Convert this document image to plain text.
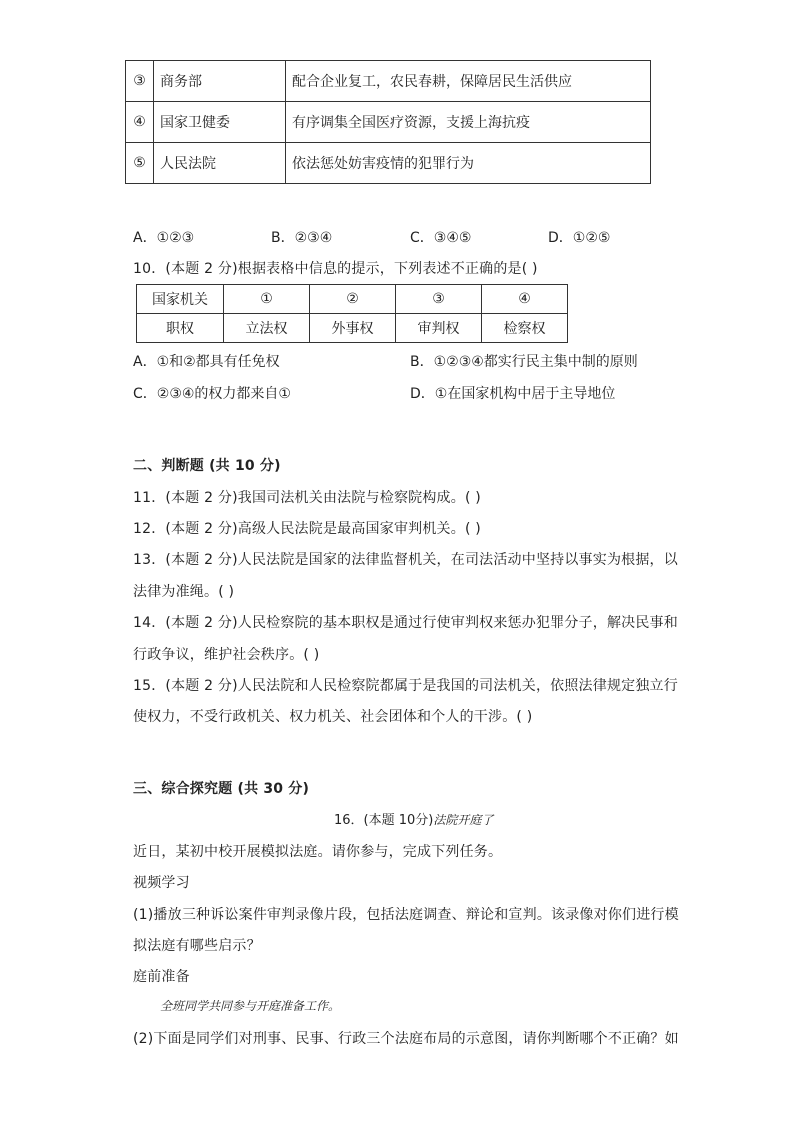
③	商务部	配合企业复工，农民春耕，保障居民生活供应
④	国家卫健委	有序调集全国医疗资源，支援上海抗疫
⑤	人民法院	依法惩处妨害疫情的犯罪行为
A．①②③	B．②③④	C．③④⑤	D．①②⑤
10．(本题 2 分)根据表格中信息的提示，下列表述不正确的是( )
国家机关	①	②	③	④
职权	立法权	外事权	审判权	检察权
A．①和②都具有任免权	B．①②③④都实行民主集中制的原则
C．②③④的权力都来自①	D．①在国家机构中居于主导地位
二、判断题 (共 10 分)
11．(本题 2 分)我国司法机关由法院与检察院构成。( )
12．(本题 2 分)高级人民法院是最高国家审判机关。( )
13．(本题 2 分)人民法院是国家的法律监督机关，在司法活动中坚持以事实为根据，以
法律为准绳。( )
14．(本题 2 分)人民检察院的基本职权是通过行使审判权来惩办犯罪分子，解决民事和
行政争议，维护社会秩序。( )
15．(本题 2 分)人民法院和人民检察院都属于是我国的司法机关，依照法律规定独立行
使权力，不受行政机关、权力机关、社会团体和个人的干涉。( )
三、综合探究题 (共 30 分)
16．(本题 10分)法院开庭了
近日，某初中校开展模拟法庭。请你参与，完成下列任务。
视频学习
(1)播放三种诉讼案件审判录像片段，包括法庭调查、辩论和宣判。该录像对你们进行模
拟法庭有哪些启示？
庭前准备
全班同学共同参与开庭准备工作。
(2)下面是同学们对刑事、民事、行政三个法庭布局的示意图，请你判断哪个不正确？如
